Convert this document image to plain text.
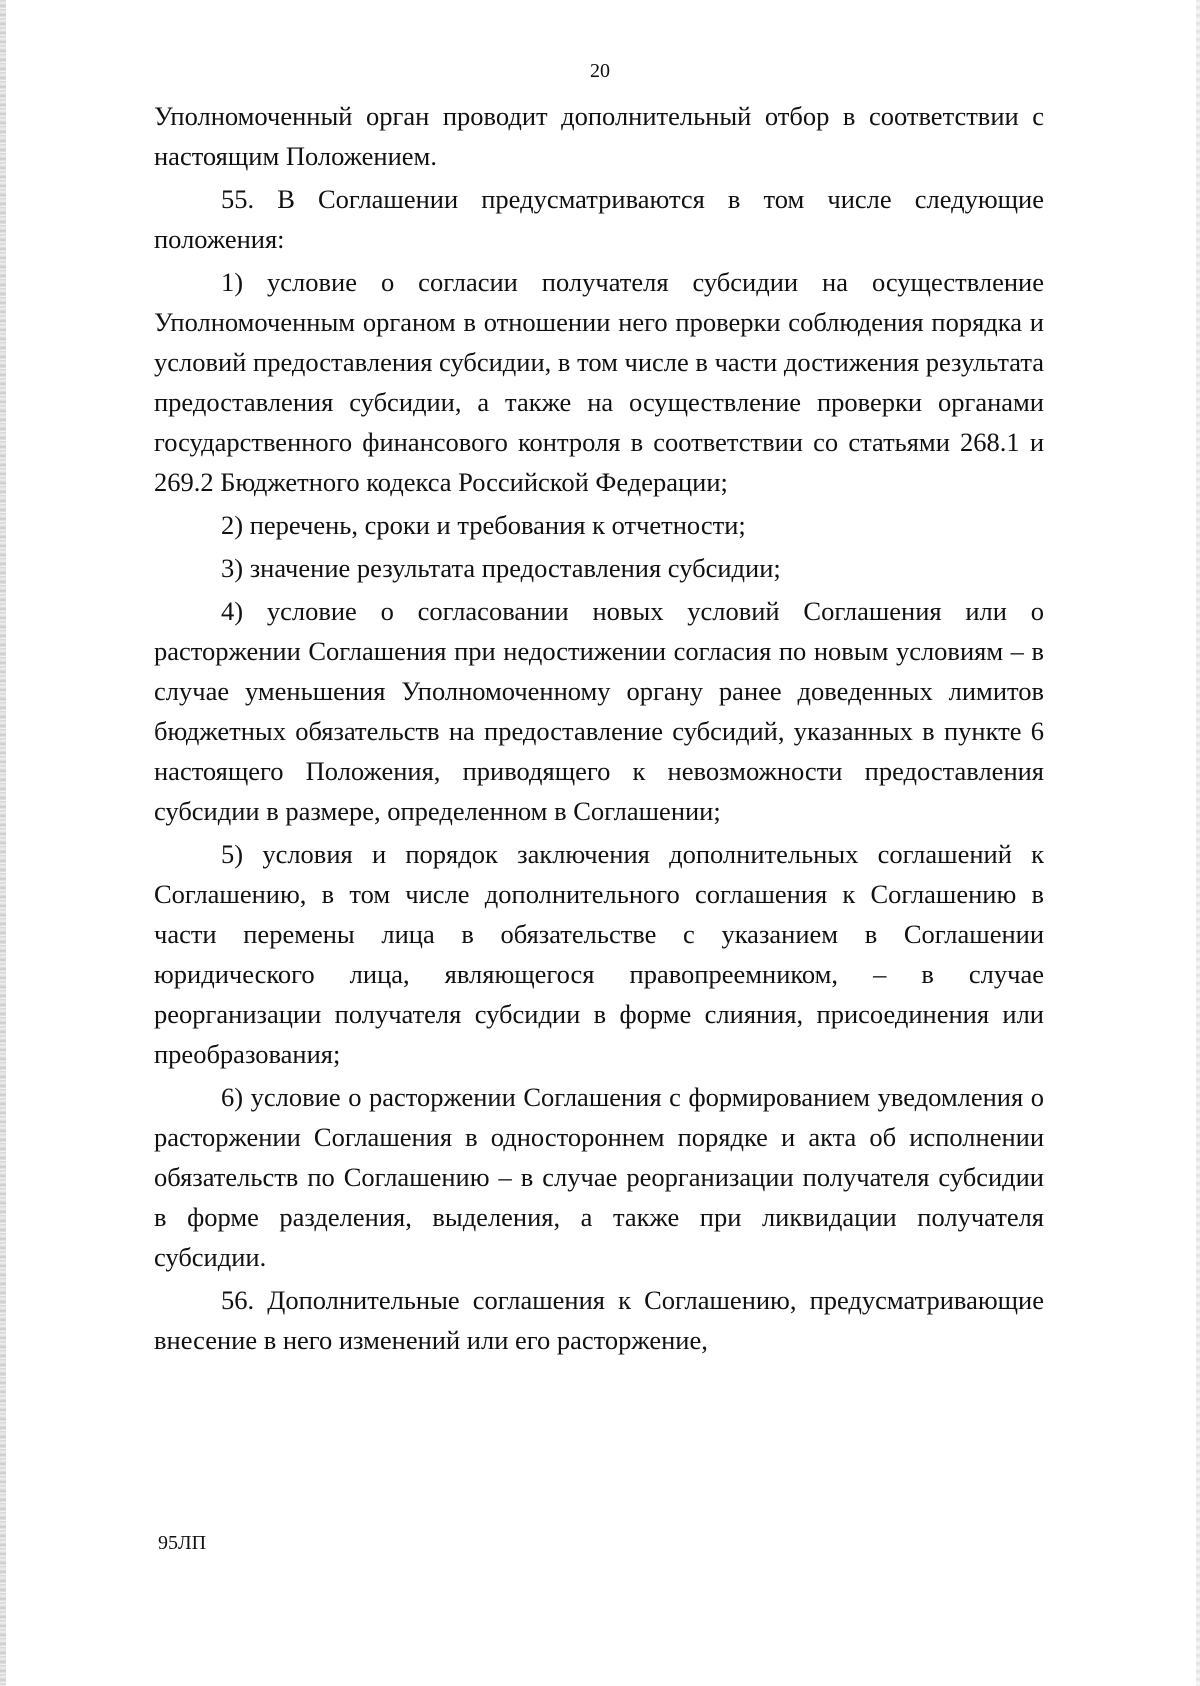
20

Уполномоченный орган проводит дополнительный отбор в соответствии с настоящим Положением.

55. В Соглашении предусматриваются в том числе следующие положения:

1) условие о согласии получателя субсидии на осуществление Уполномоченным органом в отношении него проверки соблюдения порядка и условий предоставления субсидии, в том числе в части достижения результата предоставления субсидии, а также на осуществление проверки органами государственного финансового контроля в соответствии со статьями 268.1 и 269.2 Бюджетного кодекса Российской Федерации;

2) перечень, сроки и требования к отчетности;

3) значение результата предоставления субсидии;

4) условие о согласовании новых условий Соглашения или о расторжении Соглашения при недостижении согласия по новым условиям – в случае уменьшения Уполномоченному органу ранее доведенных лимитов бюджетных обязательств на предоставление субсидий, указанных в пункте 6 настоящего Положения, приводящего к невозможности предоставления субсидии в размере, определенном в Соглашении;

5) условия и порядок заключения дополнительных соглашений к Соглашению, в том числе дополнительного соглашения к Соглашению в части перемены лица в обязательстве с указанием в Соглашении юридического лица, являющегося правопреемником, – в случае реорганизации получателя субсидии в форме слияния, присоединения или преобразования;

6) условие о расторжении Соглашения с формированием уведомления о расторжении Соглашения в одностороннем порядке и акта об исполнении обязательств по Соглашению – в случае реорганизации получателя субсидии в форме разделения, выделения, а также при ликвидации получателя субсидии.

56. Дополнительные соглашения к Соглашению, предусматривающие внесение в него изменений или его расторжение,

95ЛП
